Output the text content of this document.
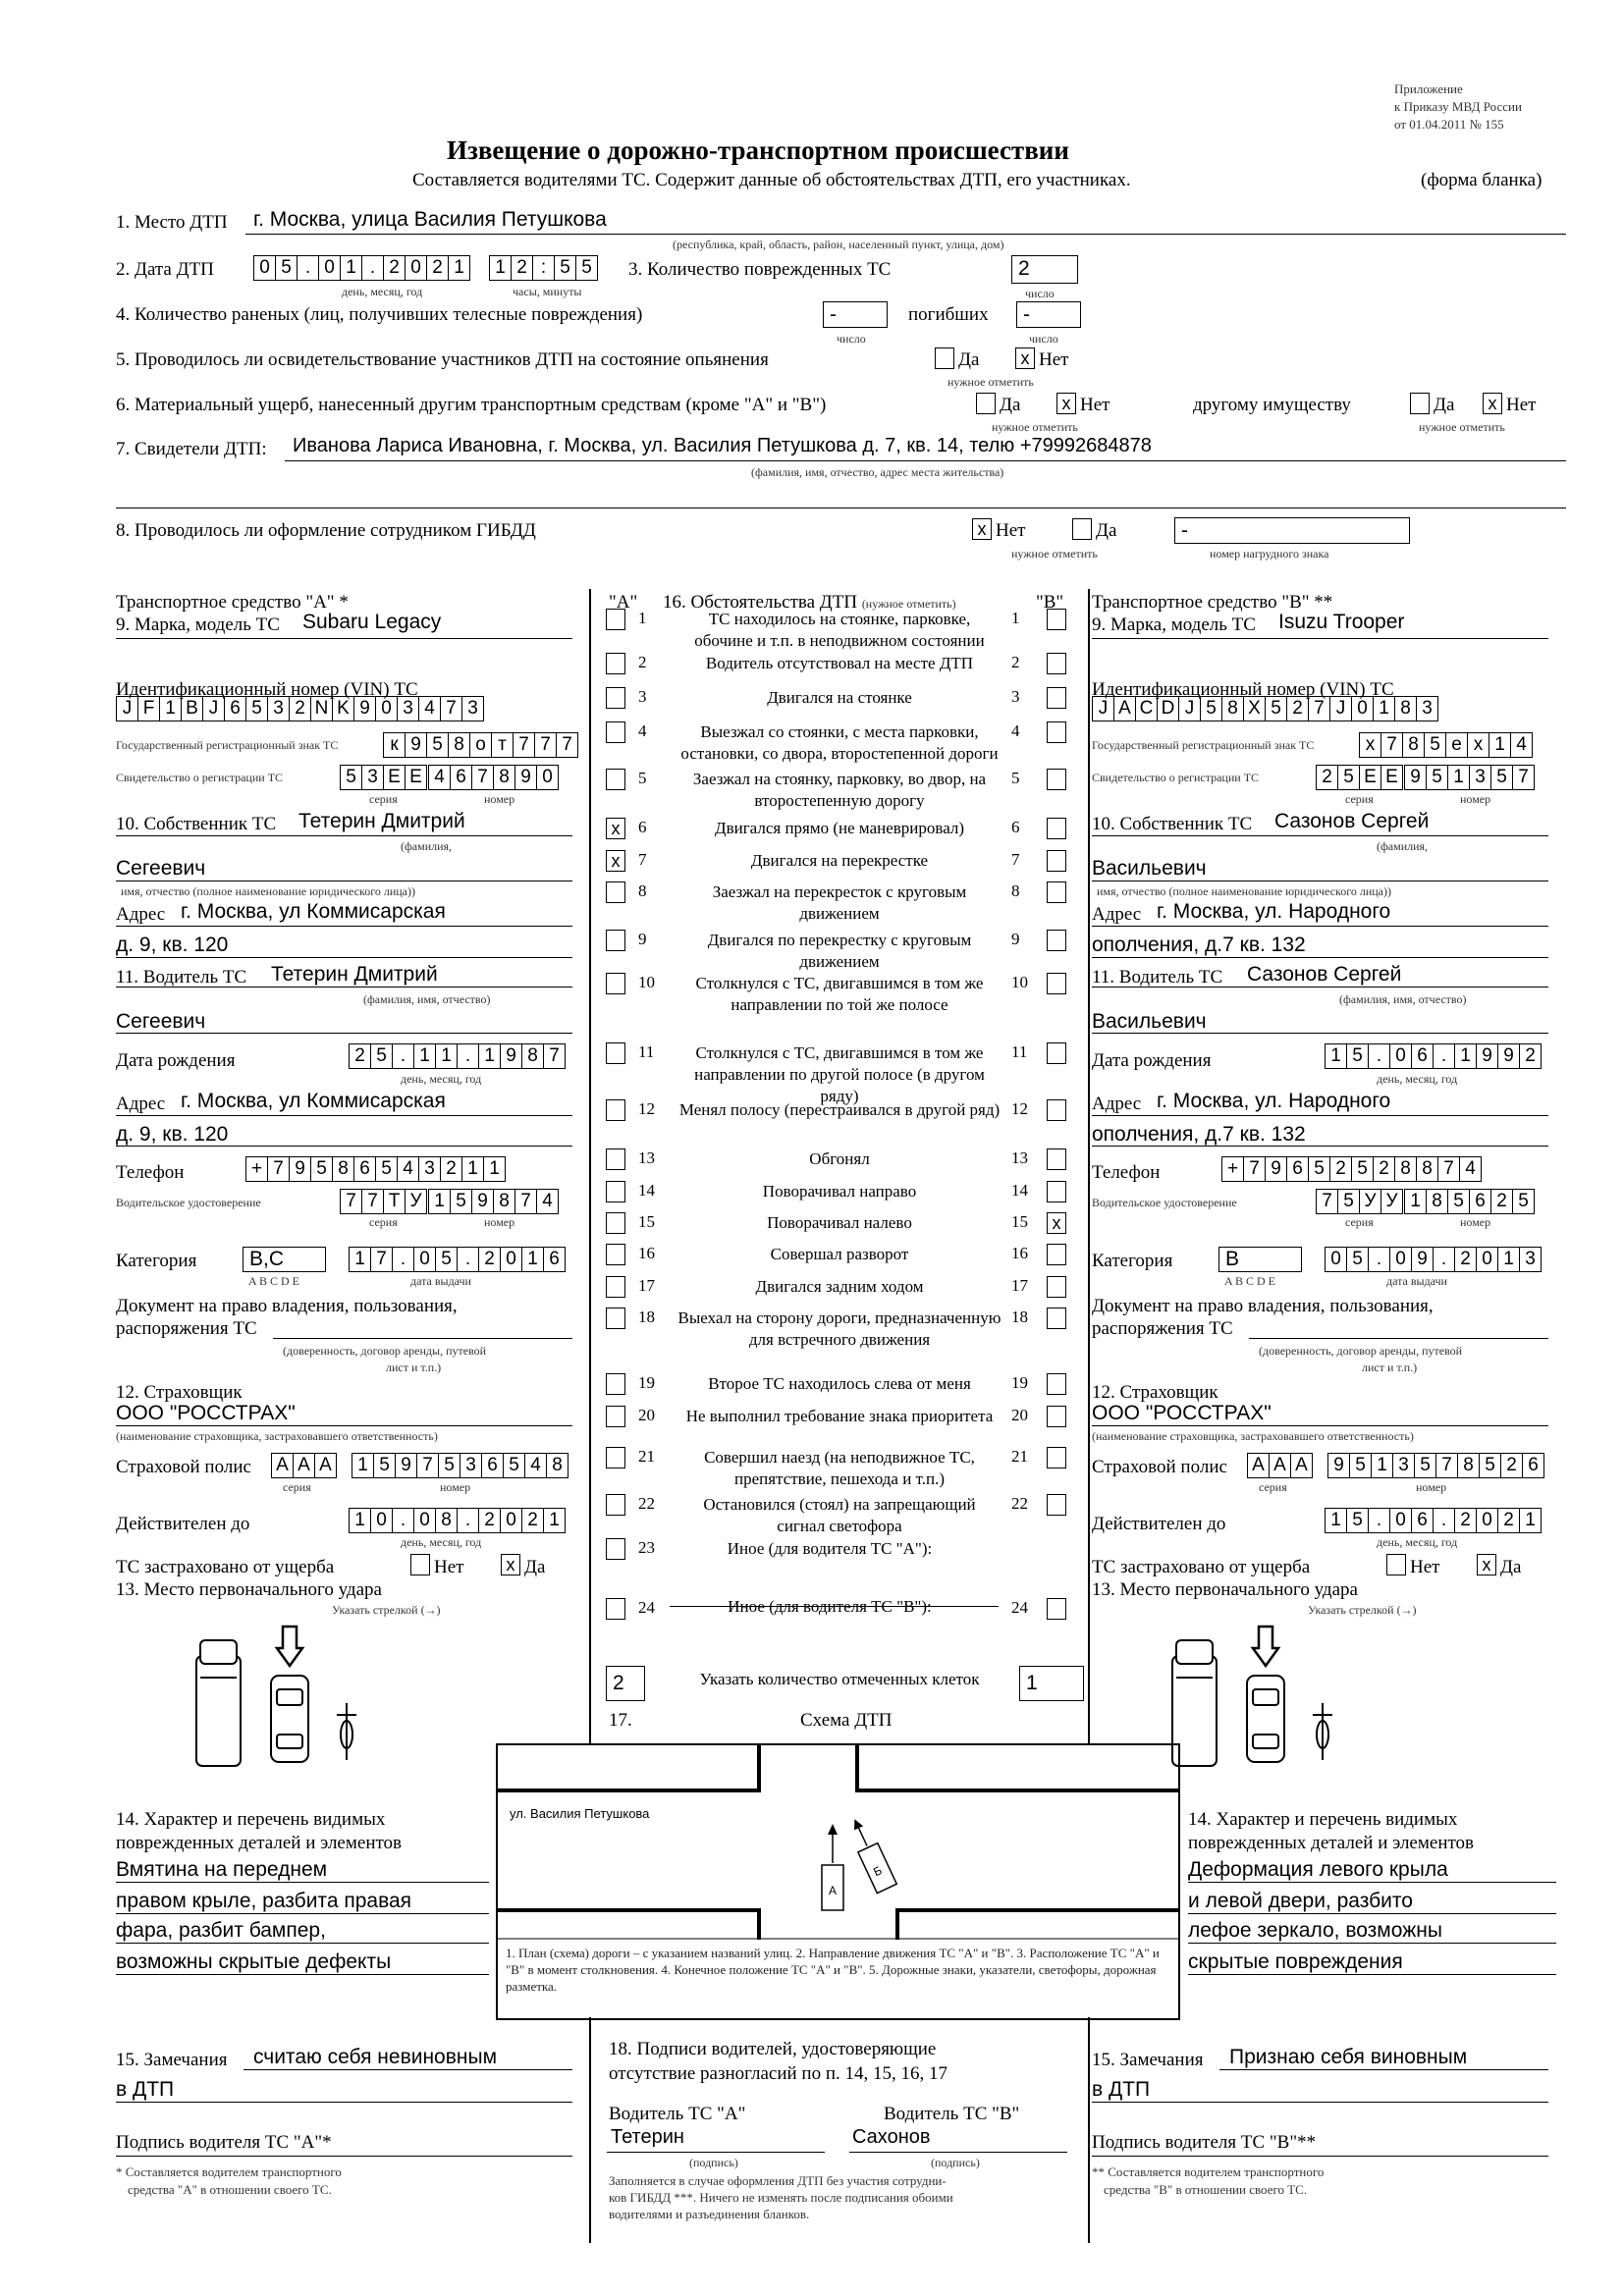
Приложение
к Приказу МВД России
от 01.04.2011 № 155
Извещение о дорожно-транспортном происшествии
Составляется водителями ТС. Содержит данные об обстоятельствах ДТП, его участниках.	(форма бланка)
1. Место ДТП г. Москва, улица Василия Петушкова
(республика, край, область, район, населенный пункт, улица, дом)
2. Дата ДТП 0 5 . 0 1 . 2 0 2 1 1 2 : 5 5
день, месяц, год	часы, минуты
3. Количество поврежденных ТС	2
число
4. Количество раненых (лиц, получивших телесные повреждения)	-
число
погибших	-
число
5. Проводилось ли освидетельствование участников ДТП на состояние опьянения	Да	x Нет
нужное отметить
6. Материальный ущерб, нанесенный другим транспортным средствам (кроме "А" и "В")	Да	x Нет
нужное отметить
другому имуществу	Да	x Нет
нужное отметить
7. Свидетели ДТП: Иванова Лариса Ивановна, г. Москва, ул. Василия Петушкова д. 7, кв. 14, телю +79992684878
(фамилия, имя, отчество, адрес места жительства)
8. Проводилось ли оформление сотрудником ГИБДД	x Нет	Да	-
нужное отметить	номер нагрудного знака
Транспортное средство "А" *
9. Марка, модель ТС Subaru Legacy
Идентификационный номер (VIN) ТС
J F 1 B J 6 5 3 2 N K 9 0 3 4 7 3
Государственный регистрационный знак ТС	к 9 5 8 о т 7 7 7
Свидетельство о регистрации ТС	5 3 Е Е 4 6 7 8 9 0
серия	номер
10. Собственник ТС Тетерин Дмитрий
(фамилия,
Сегеевич
имя, отчество (полное наименование юридического лица))
Адрес г. Москва, ул Коммисарская
д. 9, кв. 120
11. Водитель ТС Тетерин Дмитрий
(фамилия, имя, отчество)
Сегеевич
Дата рождения	2 5 . 1 1 . 1 9 8 7
день, месяц, год
Адрес г. Москва, ул Коммисарская
д. 9, кв. 120
Телефон	+ 7 9 5 8 6 5 4 3 2 1 1
Водительское удостоверение	7 7 Т У 1 5 9 8 7 4
серия	номер
Категория	В,С
A B C D E
1 7 . 0 5 . 2 0 1 6
дата выдачи
Документ на право владения, пользования,
распоряжения ТС
(доверенность, договор аренды, путевой
лист и т.п.)
12. Страховщик
ООО "РОССТРАХ"
(наименование страховщика, застраховавшего ответственность)
Страховой полис А А А 1 5 9 7 5 3 6 5 4 8
серия	номер
Действителен до	1 0 . 0 8 . 2 0 2 1
день, месяц, год
ТС застраховано от ущерба	Нет	x Да
13. Место первоначального удара
Указать стрелкой (→)
14. Характер и перечень видимых
поврежденных деталей и элементов
Вмятина на переднем
правом крыле, разбита правая
фара, разбит бампер,
возможны скрытые дефекты
15. Замечания считаю себя невиновным
в ДТП
Подпись водителя ТС "А"*
* Составляется водителем транспортного
средства "А" в отношении своего ТС.
Транспортное средство "В" **
9. Марка, модель ТС Isuzu Trooper
Идентификационный номер (VIN) ТС
J A C D J 5 8 X 5 2 7 J 0 1 8 3
Государственный регистрационный знак ТС	х 7 8 5 е х 1 4
Свидетельство о регистрации ТС	2 5 Е Е 9 5 1 3 5 7
серия	номер
10. Собственник ТС Сазонов Сергей
(фамилия,
Васильевич
имя, отчество (полное наименование юридического лица))
Адрес г. Москва, ул. Народного
ополчения, д.7 кв. 132
11. Водитель ТС Сазонов Сергей
(фамилия, имя, отчество)
Васильевич
Дата рождения	1 5 . 0 6 . 1 9 9 2
день, месяц, год
Адрес г. Москва, ул. Народного
ополчения, д.7 кв. 132
Телефон	+ 7 9 6 5 2 5 2 8 8 7 4
Водительское удостоверение	7 5 У У 1 8 5 6 2 5
серия	номер
Категория	В
A B C D E
0 5 . 0 9 . 2 0 1 3
дата выдачи
Документ на право владения, пользования,
распоряжения ТС
(доверенность, договор аренды, путевой
лист и т.п.)
12. Страховщик
ООО "РОССТРАХ"
(наименование страховщика, застраховавшего ответственность)
Страховой полис А А А 9 5 1 3 5 7 8 5 2 6
серия	номер
Действителен до	1 5 . 0 6 . 2 0 2 1
день, месяц, год
ТС застраховано от ущерба	Нет	x Да
13. Место первоначального удара
Указать стрелкой (→)
14. Характер и перечень видимых
поврежденных деталей и элементов
Деформация левого крыла
и левой двери, разбито
лефое зеркало, возможны
скрытые повреждения
15. Замечания Признаю себя виновным
в ДТП
Подпись водителя ТС "В"**
** Составляется водителем транспортного
средства "В" в отношении своего ТС.
"А" 16. Обстоятельства ДТП (нужное отметить)	"В"
1	ТС находилось на стоянке, парковке, обочине и т.п. в неподвижном состоянии
1
2	Водитель отсутствовал на месте ДТП	2
3	Двигался на стоянке	3
4	Выезжал со стоянки, с места парковки, остановки, со двора, второстепенной дороги
4
5	Заезжал на стоянку, парковку, во двор, на второстепенную дорогу
5
x	6	Двигался прямо (не маневрировал)	6
x	7	Двигался на перекрестке	7
8	Заезжал на перекресток с круговым движением
8
9	Двигался по перекрестку с круговым движением
9
10	Столкнулся с ТС, двигавшимся в том же направлении по той же полосе
10
11	Столкнулся с ТС, двигавшимся в том же направлении по другой полосе (в другом ряду)
11
12 Менял полосу (перестраивался в другой ряд) 12
13	Обгонял	13
14	Поворачивал направо	14
15	Поворачивал налево	15	x
16	Совершал разворот	16
17	Двигался задним ходом	17
18 Выехал на сторону дороги, предназначенную для встречного движения
18
19	Второе ТС находилось слева от меня	19
20	Не выполнил требование знака приоритета	20
21	Совершил наезд (на неподвижное ТС, препятствие, пешехода и т.п.)
21
22	Остановился (стоял) на запрещающий сигнал светофора
22
23	Иное (для водителя ТС "А"):
24	Иное (для водителя ТС "В"):	24
2	Указать количество отмеченных клеток	1
17.	Схема ДТП
ул. Василия Петушкова
А
Б
1. План (схема) дороги – с указанием названий улиц. 2. Направление движения ТС "А" и "В". 3. Расположение ТС "А" и "В" в момент столкновения. 4. Конечное положение ТС "А" и "В". 5. Дорожные знаки, указатели, светофоры, дорожная разметка.
18. Подписи водителей, удостоверяющие
отсутствие разногласий по п. 14, 15, 16, 17
Водитель ТС "А"	Водитель ТС "В"
Тетерин	Сахонов
(подпись)	(подпись)
Заполняется в случае оформления ДТП без участия сотрудни-
ков ГИБДД ***. Ничего не изменять после подписания обоими
водителями и разъединения бланков.
